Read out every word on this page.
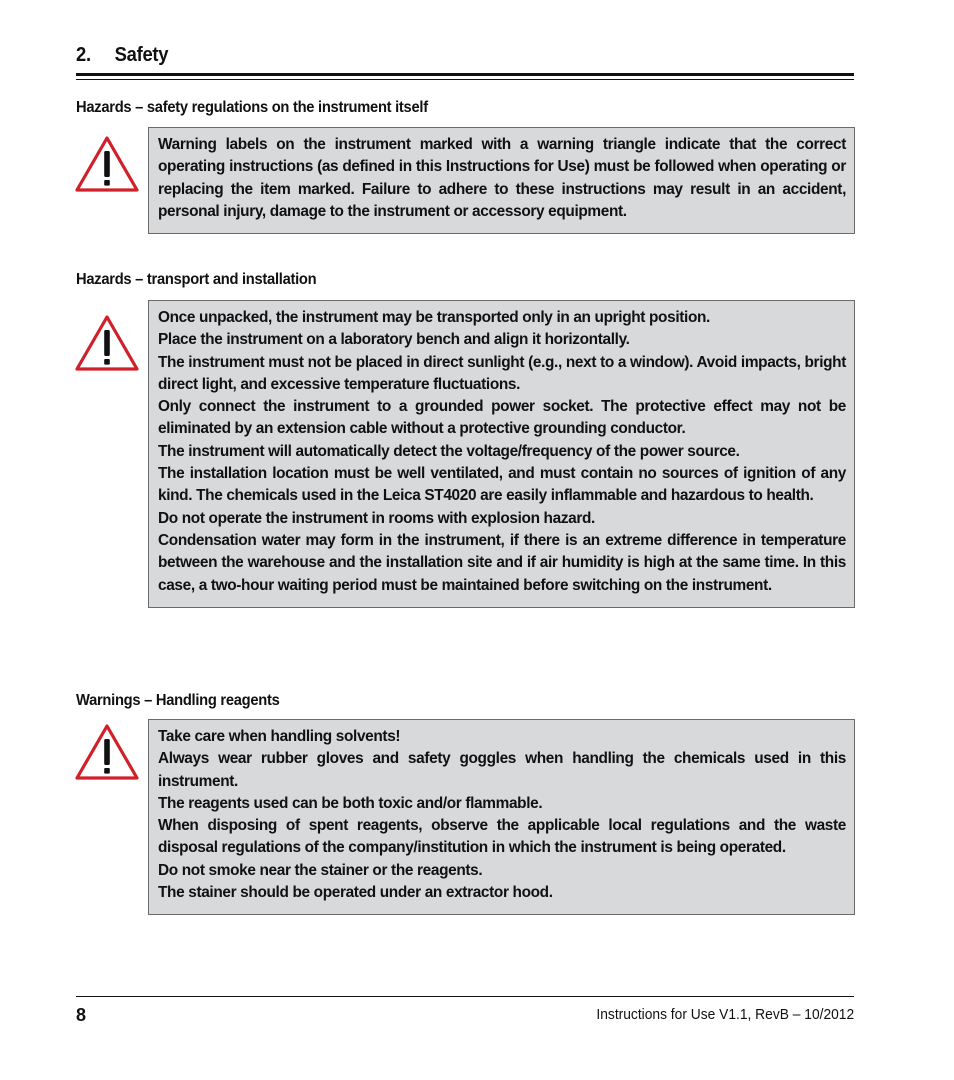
2. Safety
Hazards – safety regulations on the instrument itself

Warning labels on the instrument marked with a warning triangle indicate that the correct operating instructions (as defined in this Instructions for Use) must be followed when operating or replacing the item marked. Failure to adhere to these instructions may result in an accident, personal injury, damage to the instrument or accessory equipment.

Hazards – transport and installation

Once unpacked, the instrument may be transported only in an upright position.

Place the instrument on a laboratory bench and align it horizontally.

The instrument must not be placed in direct sunlight (e.g., next to a window). Avoid impacts, bright direct light, and excessive temperature fluctuations.

Only connect the instrument to a grounded power socket. The protective effect may not be eliminated by an extension cable without a protective grounding conductor.

The instrument will automatically detect the voltage/frequency of the power source.

The installation location must be well ventilated, and must contain no sources of ignition of any kind. The chemicals used in the Leica ST4020 are easily inflammable and hazardous to health.

Do not operate the instrument in rooms with explosion hazard.

Condensation water may form in the instrument, if there is an extreme difference in temperature between the warehouse and the installation site and if air humidity is high at the same time. In this case, a two-hour waiting period must be maintained before switching on the instrument.

Warnings – Handling reagents

Take care when handling solvents!

Always wear rubber gloves and safety goggles when handling the chemicals used in this instrument.

The reagents used can be both toxic and/or flammable.

When disposing of spent reagents, observe the applicable local regulations and the waste disposal regulations of the company/institution in which the instrument is being operated.

Do not smoke near the stainer or the reagents.

The stainer should be operated under an extractor hood.

8	Instructions for Use V1.1, RevB – 10/2012
